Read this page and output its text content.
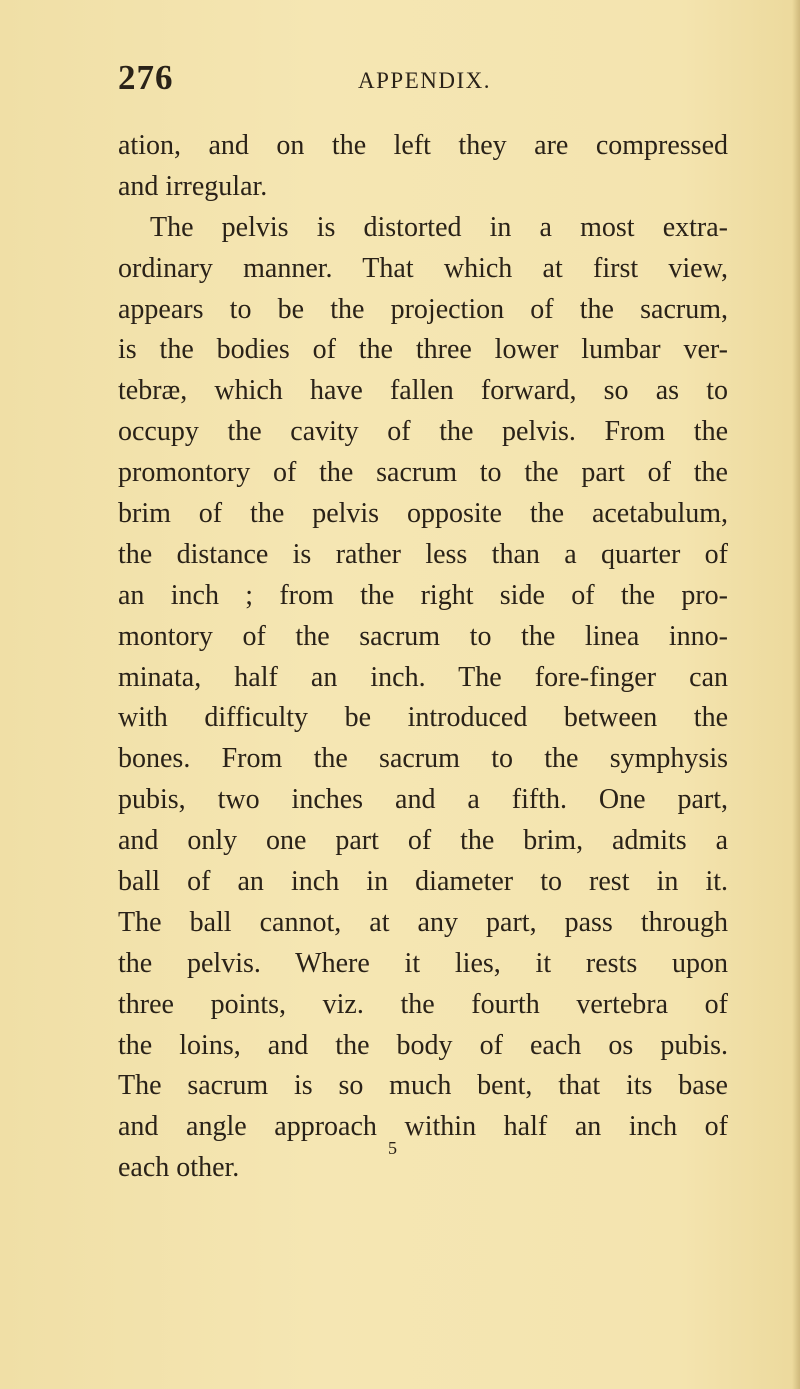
276	APPENDIX.
ation, and on the left they are compressed
and irregular.
The pelvis is distorted in a most extra-
ordinary manner. That which at first view,
appears to be the projection of the sacrum,
is the bodies of the three lower lumbar ver-
tebræ, which have fallen forward, so as to
occupy the cavity of the pelvis. From the
promontory of the sacrum to the part of the
brim of the pelvis opposite the acetabulum,
the distance is rather less than a quarter of
an inch ; from the right side of the pro-
montory of the sacrum to the linea inno-
minata, half an inch. The fore-finger can
with difficulty be introduced between the
bones. From the sacrum to the symphysis
pubis, two inches and a fifth. One part,
and only one part of the brim, admits a
ball of an inch in diameter to rest in it.
The ball cannot, at any part, pass through
the pelvis. Where it lies, it rests upon
three points, viz. the fourth vertebra of
the loins, and the body of each os pubis.
The sacrum is so much bent, that its base
and angle approach within half an inch of
each other.
5
